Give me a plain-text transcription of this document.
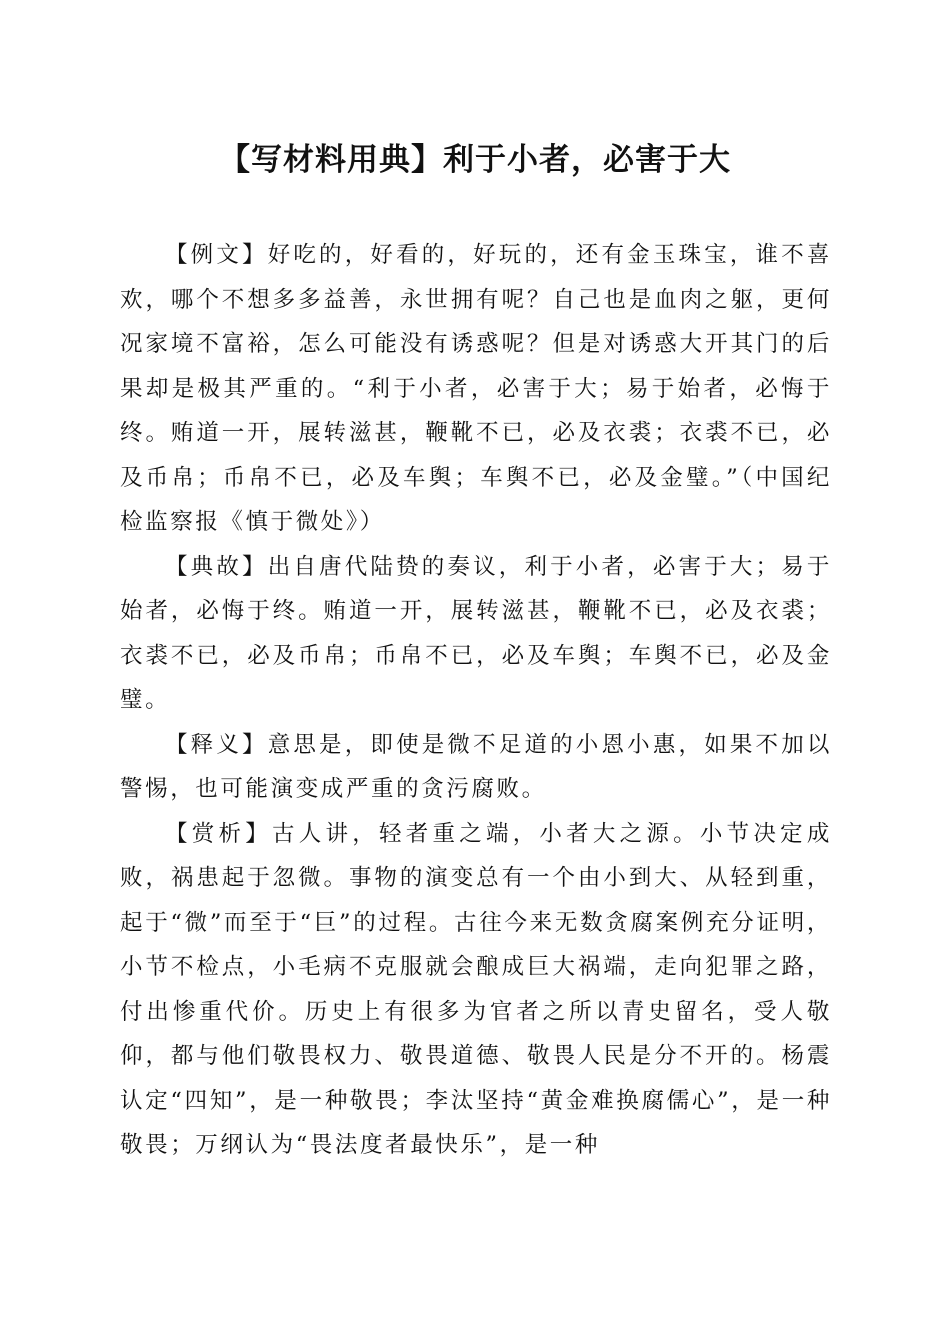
【写材料用典】利于小者，必害于大

【例文】好吃的，好看的，好玩的，还有金玉珠宝，谁不喜欢，哪个不想多多益善，永世拥有呢？自己也是血肉之躯，更何况家境不富裕，怎么可能没有诱惑呢？但是对诱惑大开其门的后果却是极其严重的。“利于小者，必害于大；易于始者，必悔于终。贿道一开，展转滋甚，鞭靴不已，必及衣裘；衣裘不已，必及币帛；币帛不已，必及车舆；车舆不已，必及金璧。”（中国纪检监察报《慎于微处》）

【典故】出自唐代陆贽的奏议，利于小者，必害于大；易于始者，必悔于终。贿道一开，展转滋甚，鞭靴不已，必及衣裘；衣裘不已，必及币帛；币帛不已，必及车舆；车舆不已，必及金璧。

【释义】意思是，即使是微不足道的小恩小惠，如果不加以警惕，也可能演变成严重的贪污腐败。

【赏析】古人讲，轻者重之端，小者大之源。小节决定成败，祸患起于忽微。事物的演变总有一个由小到大、从轻到重，起于“微”而至于“巨”的过程。古往今来无数贪腐案例充分证明，小节不检点，小毛病不克服就会酿成巨大祸端，走向犯罪之路，付出惨重代价。历史上有很多为官者之所以青史留名，受人敬仰，都与他们敬畏权力、敬畏道德、敬畏人民是分不开的。杨震认定“四知”，是一种敬畏；李汰坚持“黄金难换腐儒心”，是一种敬畏；万纲认为“畏法度者最快乐”，是一种
